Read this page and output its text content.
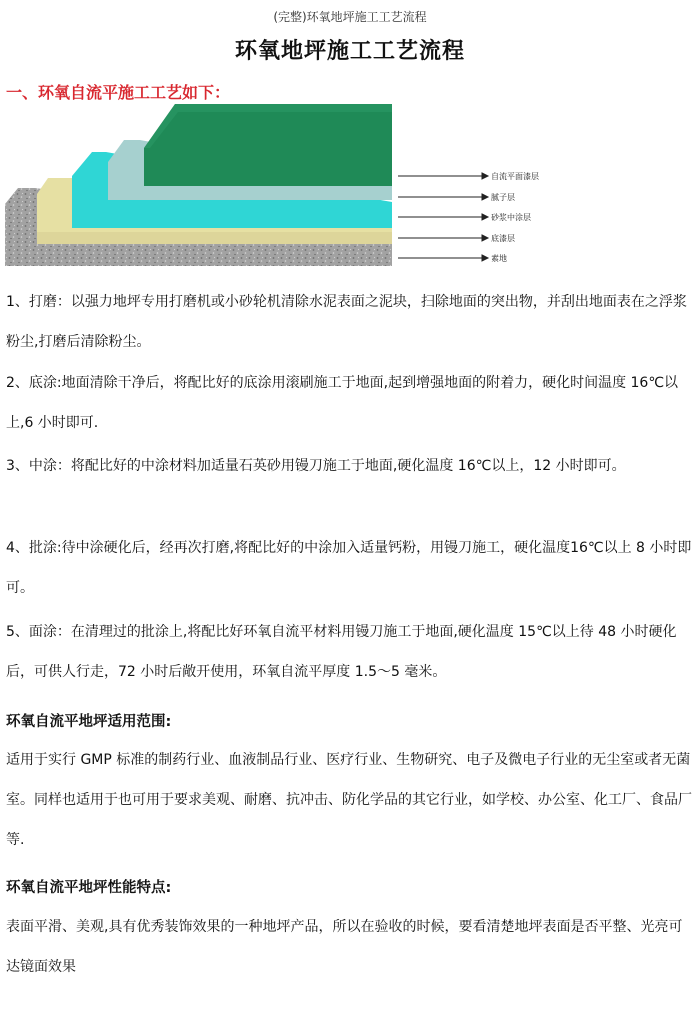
(完整)环氧地坪施工工艺流程
环氧地坪施工工艺流程
一、环氧自流平施工工艺如下：
自流平面漆层
腻子层
砂浆中涂层
底漆层
素地
1、打磨：以强力地坪专用打磨机或小砂轮机清除水泥表面之泥块，扫除地面的突出物，并刮出地面表在之浮浆粉尘,打磨后清除粉尘。
2、底涂:地面清除干净后，将配比好的底涂用滚刷施工于地面,起到增强地面的附着力，硬化时间温度 16℃以上,6 小时即可.
3、中涂：将配比好的中涂材料加适量石英砂用镘刀施工于地面,硬化温度 16℃以上，12 小时即可。
4、批涂:待中涂硬化后，经再次打磨,将配比好的中涂加入适量钙粉，用镘刀施工，硬化温度16℃以上 8 小时即可。
5、面涂：在清理过的批涂上,将配比好环氧自流平材料用镘刀施工于地面,硬化温度 15℃以上待 48 小时硬化后，可供人行走，72 小时后敞开使用，环氧自流平厚度 1.5～5 毫米。
环氧自流平地坪适用范围:
适用于实行 GMP 标准的制药行业、血液制品行业、医疗行业、生物研究、电子及微电子行业的无尘室或者无菌室。同样也适用于也可用于要求美观、耐磨、抗冲击、防化学品的其它行业，如学校、办公室、化工厂、食品厂等.
环氧自流平地坪性能特点:
表面平滑、美观,具有优秀装饰效果的一种地坪产品，所以在验收的时候，要看清楚地坪表面是否平整、光亮可达镜面效果
